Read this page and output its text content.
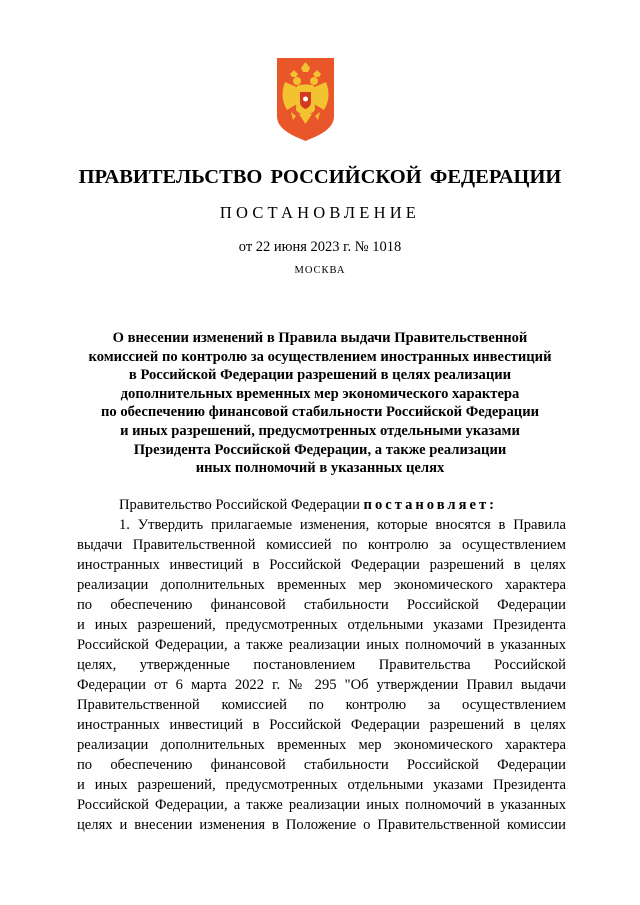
ПРАВИТЕЛЬСТВО РОССИЙСКОЙ ФЕДЕРАЦИИ
ПОСТАНОВЛЕНИЕ
от 22 июня 2023 г. № 1018
МОСКВА
О внесении изменений в Правила выдачи Правительственной
комиссией по контролю за осуществлением иностранных инвестиций
в Российской Федерации разрешений в целях реализации
дополнительных временных мер экономического характера
по обеспечению финансовой стабильности Российской Федерации
и иных разрешений, предусмотренных отдельными указами
Президента Российской Федерации, а также реализации
иных полномочий в указанных целях
Правительство Российской Федерации постановляет:
1. Утвердить прилагаемые изменения, которые вносятся в Правила
выдачи Правительственной комиссией по контролю за осуществлением
иностранных инвестиций в Российской Федерации разрешений в целях
реализации дополнительных временных мер экономического характера
по обеспечению финансовой стабильности Российской Федерации
и иных разрешений, предусмотренных отдельными указами Президента
Российской Федерации, а также реализации иных полномочий в указанных
целях, утвержденные постановлением Правительства Российской
Федерации от 6 марта 2022 г. № 295 "Об утверждении Правил выдачи
Правительственной комиссией по контролю за осуществлением
иностранных инвестиций в Российской Федерации разрешений в целях
реализации дополнительных временных мер экономического характера
по обеспечению финансовой стабильности Российской Федерации
и иных разрешений, предусмотренных отдельными указами Президента
Российской Федерации, а также реализации иных полномочий в указанных
целях и внесении изменения в Положение о Правительственной комиссии
